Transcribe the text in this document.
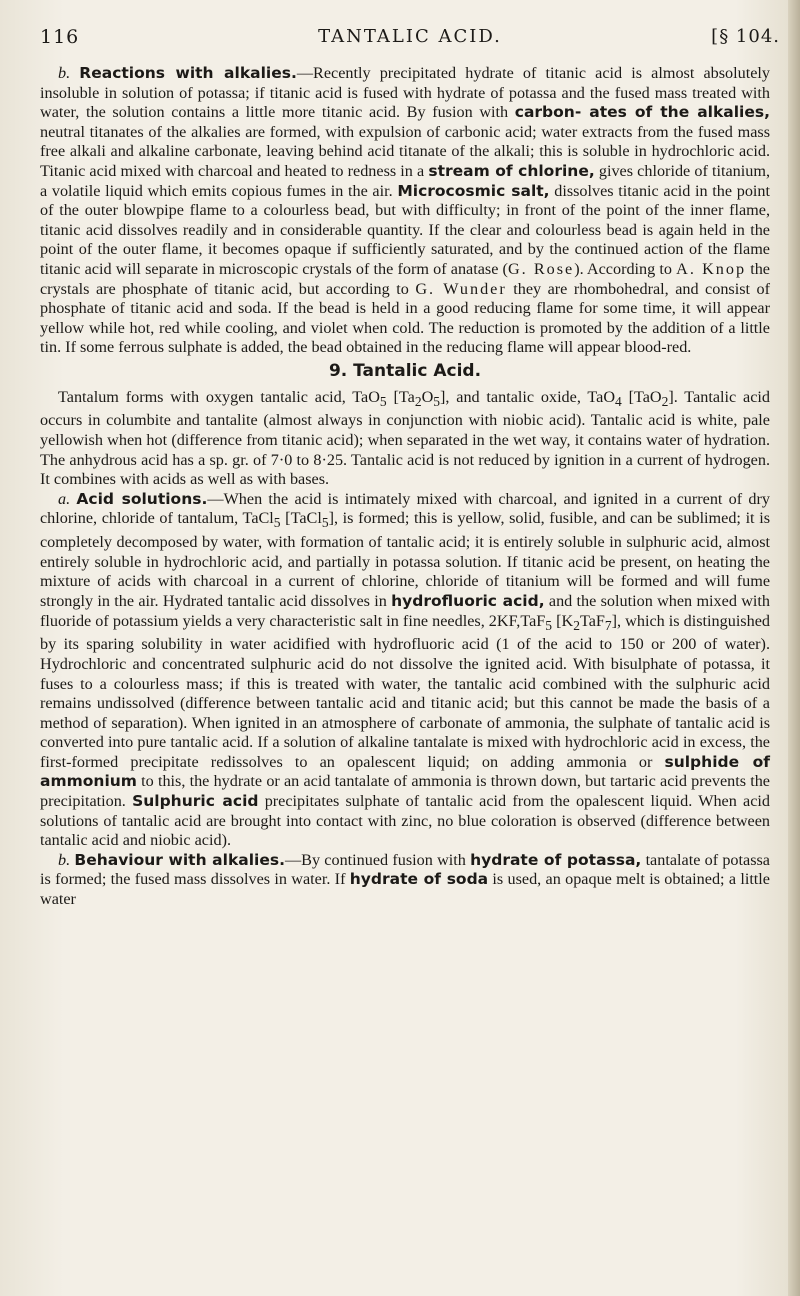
116	TANTALIC ACID.	[§ 104.

b. Reactions with alkalies.—Recently precipitated hydrate of titanic acid is almost absolutely insoluble in solution of potassa; if titanic acid is fused with hydrate of potassa and the fused mass treated with water, the solution contains a little more titanic acid. By fusion with carbon- ates of the alkalies, neutral titanates of the alkalies are formed, with expulsion of carbonic acid; water extracts from the fused mass free alkali and alkaline carbonate, leaving behind acid titanate of the alkali; this is soluble in hydrochloric acid. Titanic acid mixed with charcoal and heated to redness in a stream of chlorine, gives chloride of titanium, a volatile liquid which emits copious fumes in the air. Microcosmic salt, dissolves titanic acid in the point of the outer blowpipe flame to a colourless bead, but with difficulty; in front of the point of the inner flame, titanic acid dissolves readily and in considerable quantity. If the clear and colourless bead is again held in the point of the outer flame, it becomes opaque if sufficiently saturated, and by the continued action of the flame titanic acid will separate in microscopic crystals of the form of anatase (G. Rose). According to A. Knop the crystals are phosphate of titanic acid, but according to G. Wunder they are rhombohedral, and consist of phosphate of titanic acid and soda. If the bead is held in a good reducing flame for some time, it will appear yellow while hot, red while cooling, and violet when cold. The reduction is promoted by the addition of a little tin. If some ferrous sulphate is added, the bead obtained in the reducing flame will appear blood-red.

9. Tantalic Acid.

Tantalum forms with oxygen tantalic acid, TaO$_5$ $[Ta_2O_5]$, and tantalic oxide, TaO$_4$ [TaO$_2$]. Tantalic acid occurs in columbite and tantalite (almost always in conjunction with niobic acid). Tantalic acid is white, pale yellowish when hot (difference from titanic acid); when separated in the wet way, it contains water of hydration. The anhydrous acid has a sp. gr. of 7·0 to 8·25. Tantalic acid is not reduced by ignition in a current of hydrogen. It combines with acids as well as with bases.

a. Acid solutions.—When the acid is intimately mixed with charcoal, and ignited in a current of dry chlorine, chloride of tantalum, TaCl$_5$ [TaCl$_5$], is formed; this is yellow, solid, fusible, and can be sublimed; it is completely decomposed by water, with formation of tantalic acid; it is entirely soluble in sulphuric acid, almost entirely soluble in hydrochloric acid, and partially in potassa solution. If titanic acid be present, on heating the mixture of acids with charcoal in a current of chlorine, chloride of titanium will be formed and will fume strongly in the air. Hydrated tantalic acid dissolves in hydrofluoric acid, and the solution when mixed with fluoride of potassium yields a very characteristic salt in fine needles, 2KF,TaF$_5$ $[K_2TaF_7]$, which is distinguished by its sparing solubility in water acidified with hydrofluoric acid (1 of the acid to 150 or 200 of water). Hydrochloric and concentrated sulphuric acid do not dissolve the ignited acid. With bisulphate of potassa, it fuses to a colourless mass; if this is treated with water, the tantalic acid combined with the sulphuric acid remains undissolved (difference between tantalic acid and titanic acid; but this cannot be made the basis of a method of separation). When ignited in an atmosphere of carbonate of ammonia, the sulphate of tantalic acid is converted into pure tantalic acid. If a solution of alkaline tantalate is mixed with hydrochloric acid in excess, the first-formed precipitate redissolves to an opalescent liquid; on adding ammonia or sulphide of ammonium to this, the hydrate or an acid tantalate of ammonia is thrown down, but tartaric acid prevents the precipitation. Sulphuric acid precipitates sulphate of tantalic acid from the opalescent liquid. When acid solutions of tantalic acid are brought into contact with zinc, no blue coloration is observed (difference between tantalic acid and niobic acid).

b. Behaviour with alkalies.—By continued fusion with hydrate of potassa, tantalate of potassa is formed; the fused mass dissolves in water. If hydrate of soda is used, an opaque melt is obtained; a little water
